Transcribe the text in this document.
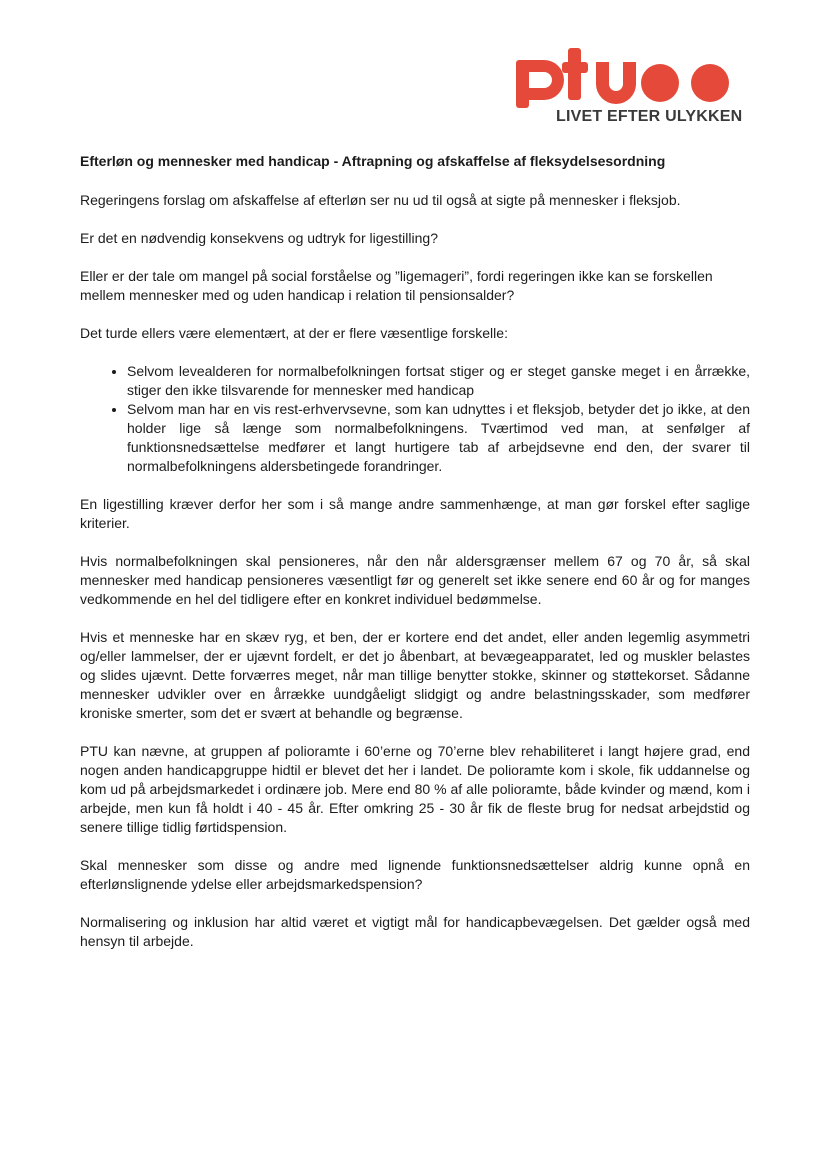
LIVET EFTER ULYKKEN
Efterløn og mennesker med handicap - Aftrapning og afskaffelse af fleksydelsesordning

Regeringens forslag om afskaffelse af efterløn ser nu ud til også at sigte på mennesker i fleksjob.

Er det en nødvendig konsekvens og udtryk for ligestilling?

Eller er der tale om mangel på social forståelse og ”ligemageri”, fordi regeringen ikke kan se forskellen mellem mennesker med og uden handicap i relation til pensionsalder?

Det turde ellers være elementært, at der er flere væsentlige forskelle:

• Selvom levealderen for normalbefolkningen fortsat stiger og er steget ganske meget i en årrække, stiger den ikke tilsvarende for mennesker med handicap
• Selvom man har en vis rest-erhvervsevne, som kan udnyttes i et fleksjob, betyder det jo ikke, at den holder lige så længe som normalbefolkningens. Tværtimod ved man, at senfølger af funktionsnedsættelse medfører et langt hurtigere tab af arbejdsevne end den, der svarer til normalbefolkningens aldersbetingede forandringer.

En ligestilling kræver derfor her som i så mange andre sammenhænge, at man gør forskel efter saglige kriterier.

Hvis normalbefolkningen skal pensioneres, når den når aldersgrænser mellem 67 og 70 år, så skal mennesker med handicap pensioneres væsentligt før og generelt set ikke senere end 60 år og for manges vedkommende en hel del tidligere efter en konkret individuel bedømmelse.

Hvis et menneske har en skæv ryg, et ben, der er kortere end det andet, eller anden legemlig asymmetri og/eller lammelser, der er ujævnt fordelt, er det jo åbenbart, at bevægeapparatet, led og muskler belastes og slides ujævnt. Dette forværres meget, når man tillige benytter stokke, skinner og støttekorset. Sådanne mennesker udvikler over en årrække uundgåeligt slidgigt og andre belastningsskader, som medfører kroniske smerter, som det er svært at behandle og begrænse.

PTU kan nævne, at gruppen af polioramte i 60’erne og 70’erne blev rehabiliteret i langt højere grad, end nogen anden handicapgruppe hidtil er blevet det her i landet. De polioramte kom i skole, fik uddannelse og kom ud på arbejdsmarkedet i ordinære job. Mere end 80 % af alle polioramte, både kvinder og mænd, kom i arbejde, men kun få holdt i 40 - 45 år. Efter omkring 25 - 30 år fik de fleste brug for nedsat arbejdstid og senere tillige tidlig førtidspension.

Skal mennesker som disse og andre med lignende funktionsnedsættelser aldrig kunne opnå en efterlønslignende ydelse eller arbejdsmarkedspension?

Normalisering og inklusion har altid været et vigtigt mål for handicapbevægelsen. Det gælder også med hensyn til arbejde.
